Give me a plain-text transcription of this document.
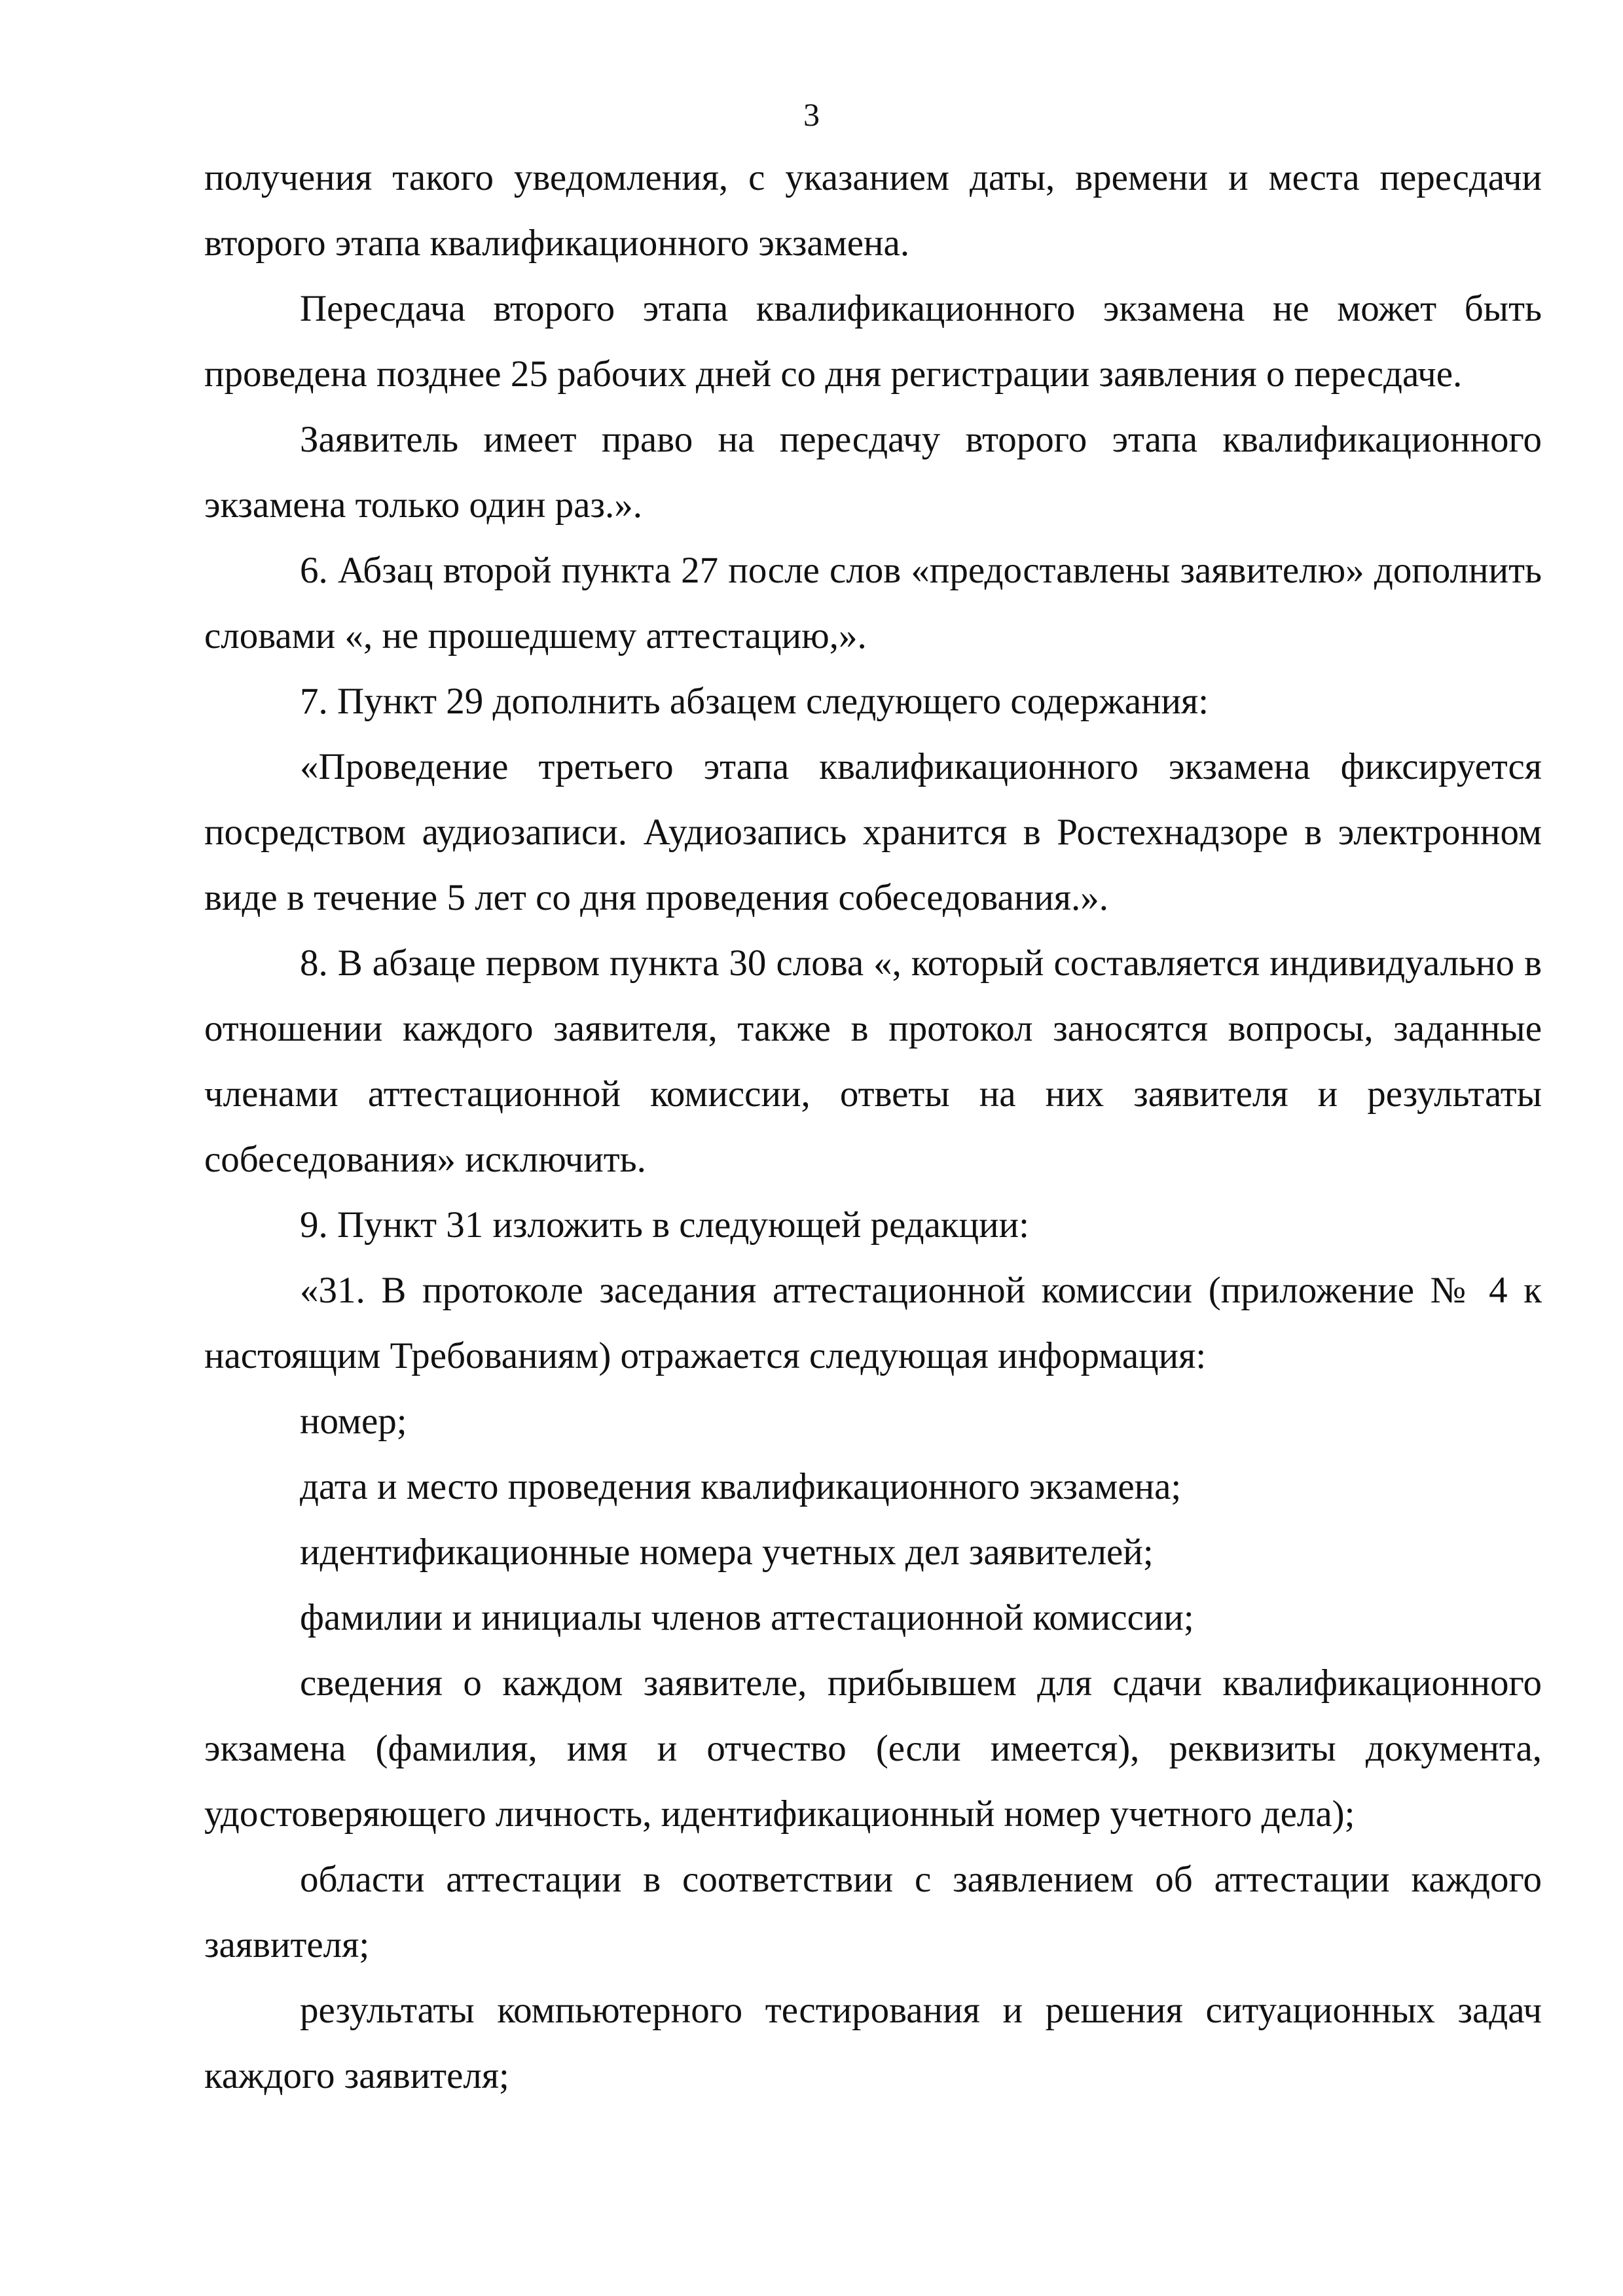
3

получения такого уведомления, с указанием даты, времени и места пересдачи второго этапа квалификационного экзамена.

Пересдача второго этапа квалификационного экзамена не может быть проведена позднее 25 рабочих дней со дня регистрации заявления о пересдаче.

Заявитель имеет право на пересдачу второго этапа квалификационного экзамена только один раз.».

6. Абзац второй пункта 27 после слов «предоставлены заявителю» дополнить словами «, не прошедшему аттестацию,».

7. Пункт 29 дополнить абзацем следующего содержания:

«Проведение третьего этапа квалификационного экзамена фиксируется посредством аудиозаписи. Аудиозапись хранится в Ростехнадзоре в электронном виде в течение 5 лет со дня проведения собеседования.».

8. В абзаце первом пункта 30 слова «, который составляется индивидуально в отношении каждого заявителя, также в протокол заносятся вопросы, заданные членами аттестационной комиссии, ответы на них заявителя и результаты собеседования» исключить.

9. Пункт 31 изложить в следующей редакции:

«31. В протоколе заседания аттестационной комиссии (приложение № 4 к настоящим Требованиям) отражается следующая информация:

номер;

дата и место проведения квалификационного экзамена;

идентификационные номера учетных дел заявителей;

фамилии и инициалы членов аттестационной комиссии;

сведения о каждом заявителе, прибывшем для сдачи квалификационного экзамена (фамилия, имя и отчество (если имеется), реквизиты документа, удостоверяющего личность, идентификационный номер учетного дела);

области аттестации в соответствии с заявлением об аттестации каждого заявителя;

результаты компьютерного тестирования и решения ситуационных задач каждого заявителя;
